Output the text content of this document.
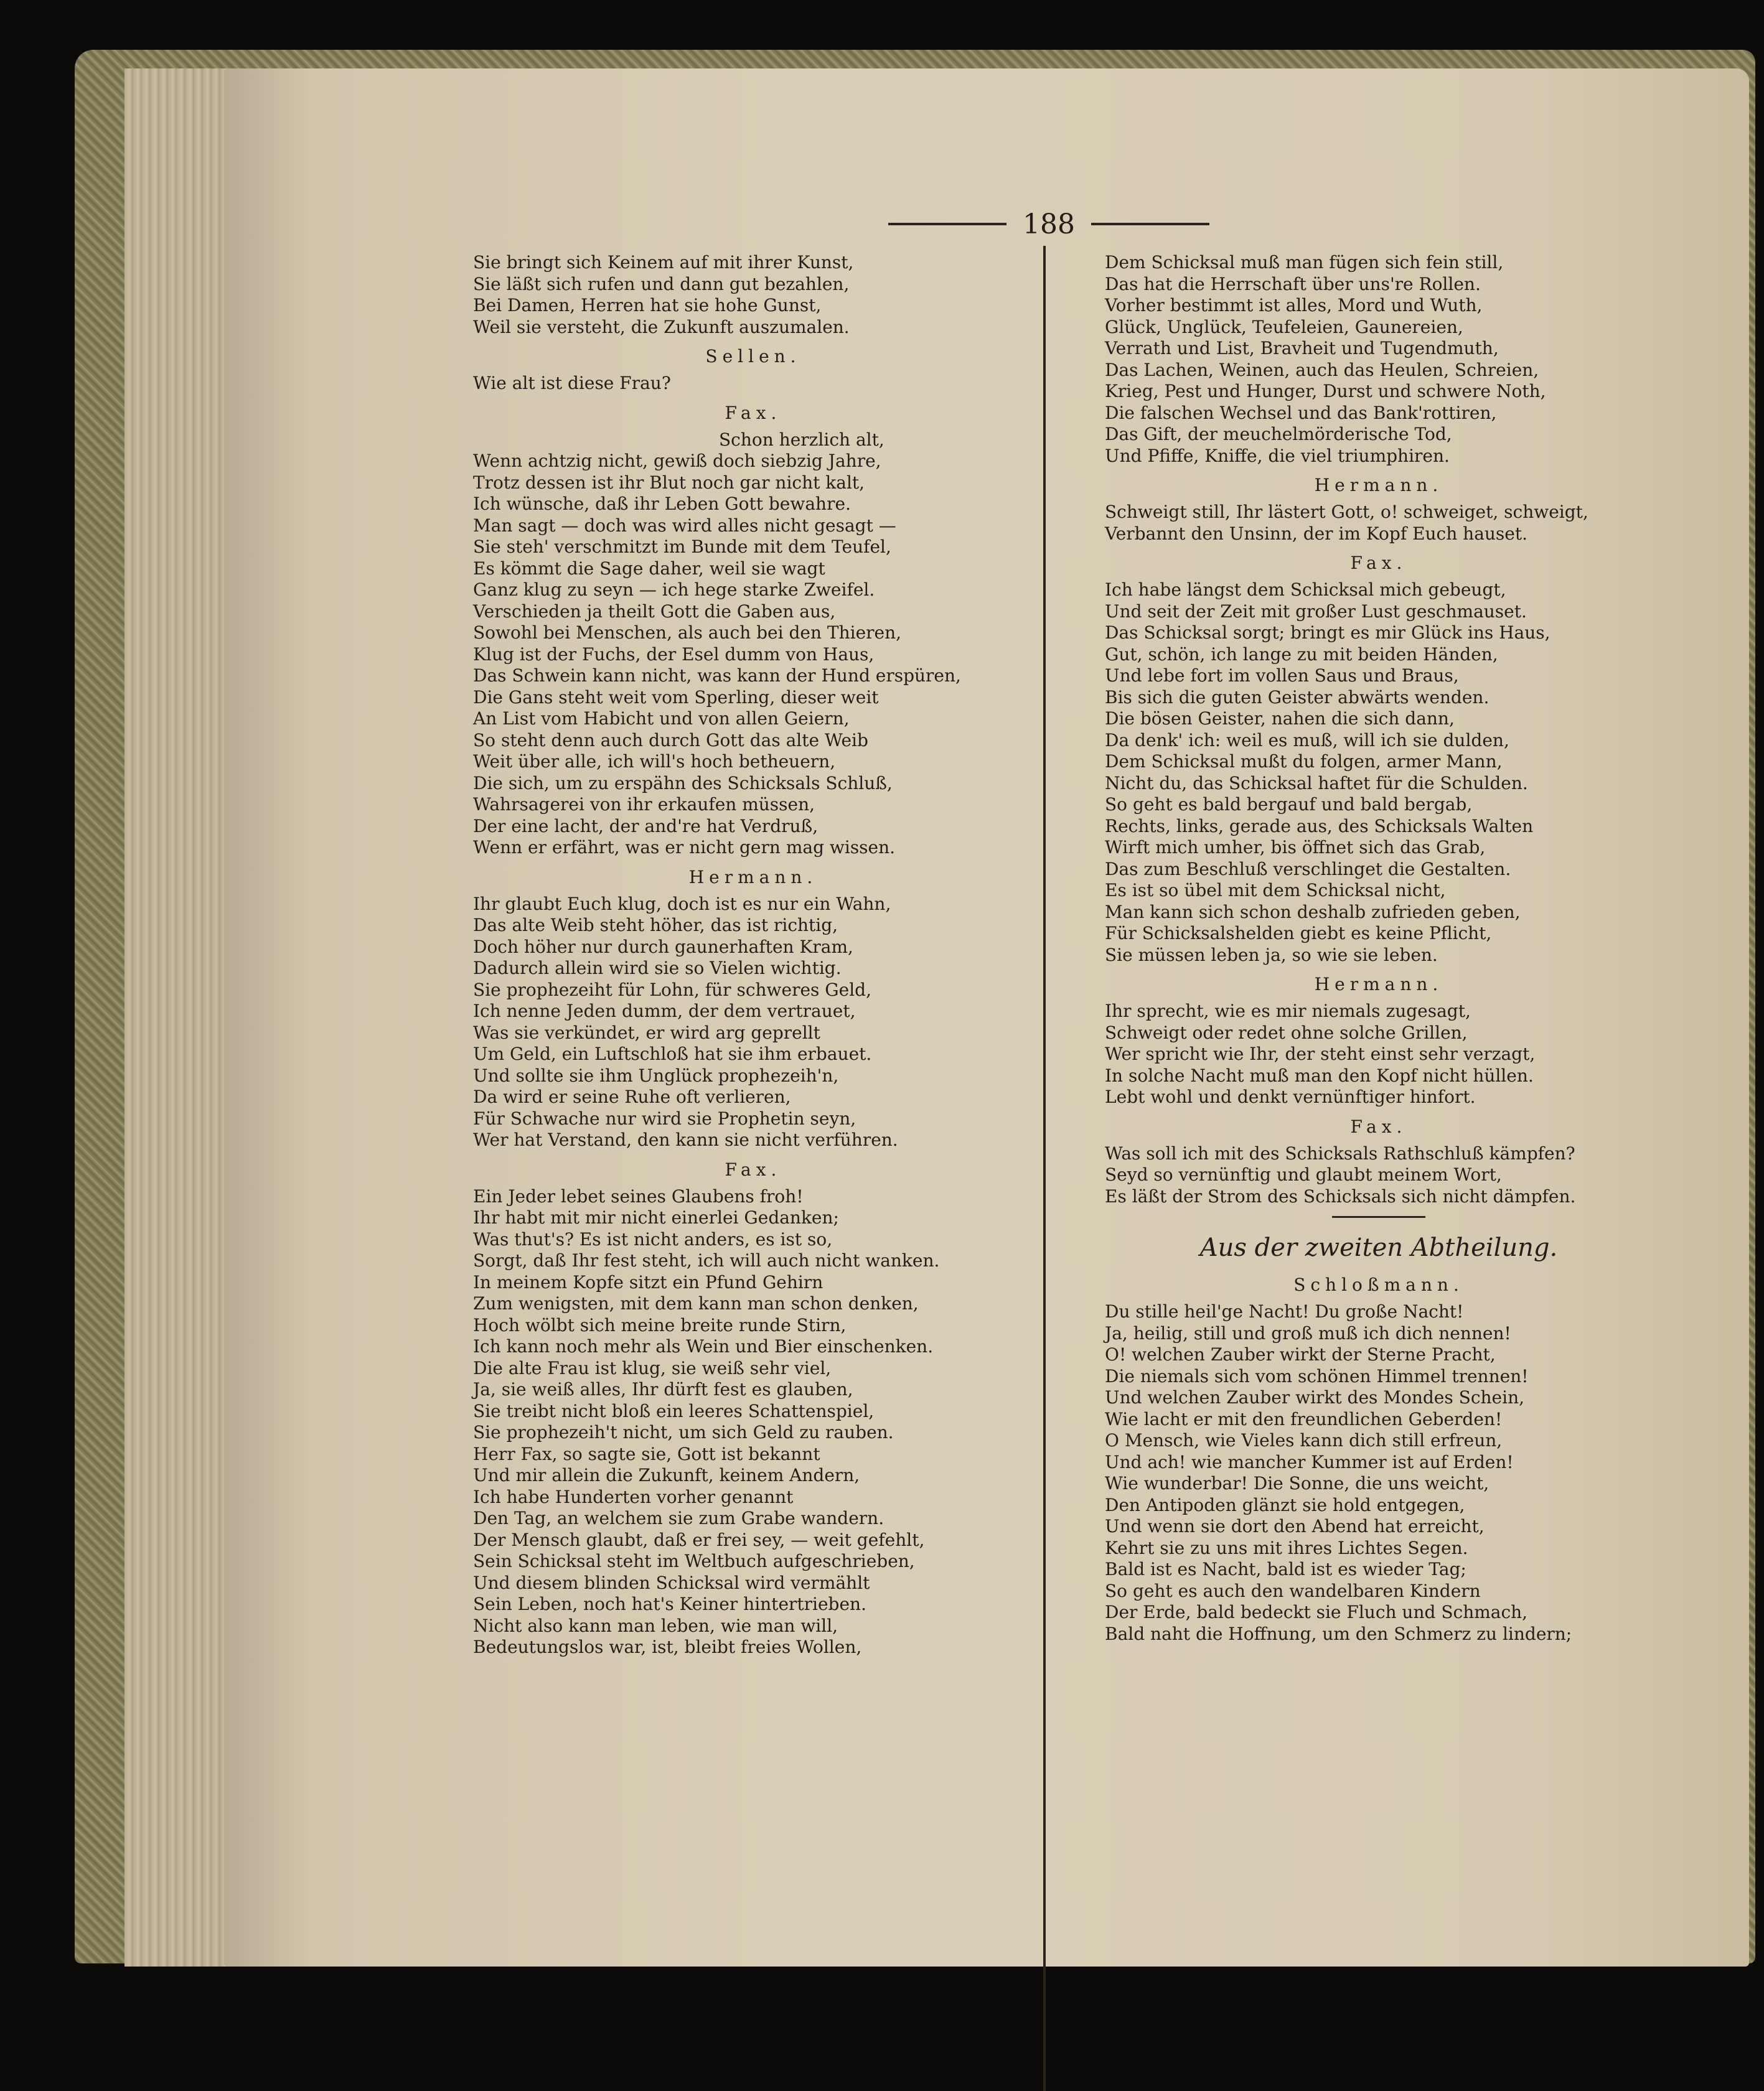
188
Sie bringt sich Keinem auf mit ihrer Kunst,
Sie läßt sich rufen und dann gut bezahlen,
Bei Damen, Herren hat sie hohe Gunst,
Weil sie versteht, die Zukunft auszumalen.
Sellen.
Wie alt ist diese Frau?
Fax.
Schon herzlich alt,
Wenn achtzig nicht, gewiß doch siebzig Jahre,
Trotz dessen ist ihr Blut noch gar nicht kalt,
Ich wünsche, daß ihr Leben Gott bewahre.
Man sagt — doch was wird alles nicht gesagt —
Sie steh' verschmitzt im Bunde mit dem Teufel,
Es kömmt die Sage daher, weil sie wagt
Ganz klug zu seyn — ich hege starke Zweifel.
Verschieden ja theilt Gott die Gaben aus,
Sowohl bei Menschen, als auch bei den Thieren,
Klug ist der Fuchs, der Esel dumm von Haus,
Das Schwein kann nicht, was kann der Hund erspüren,
Die Gans steht weit vom Sperling, dieser weit
An List vom Habicht und von allen Geiern,
So steht denn auch durch Gott das alte Weib
Weit über alle, ich will's hoch betheuern,
Die sich, um zu erspähn des Schicksals Schluß,
Wahrsagerei von ihr erkaufen müssen,
Der eine lacht, der and're hat Verdruß,
Wenn er erfährt, was er nicht gern mag wissen.
Hermann.
Ihr glaubt Euch klug, doch ist es nur ein Wahn,
Das alte Weib steht höher, das ist richtig,
Doch höher nur durch gaunerhaften Kram,
Dadurch allein wird sie so Vielen wichtig.
Sie prophezeiht für Lohn, für schweres Geld,
Ich nenne Jeden dumm, der dem vertrauet,
Was sie verkündet, er wird arg geprellt
Um Geld, ein Luftschloß hat sie ihm erbauet.
Und sollte sie ihm Unglück prophezeih'n,
Da wird er seine Ruhe oft verlieren,
Für Schwache nur wird sie Prophetin seyn,
Wer hat Verstand, den kann sie nicht verführen.
Fax.
Ein Jeder lebet seines Glaubens froh!
Ihr habt mit mir nicht einerlei Gedanken;
Was thut's? Es ist nicht anders, es ist so,
Sorgt, daß Ihr fest steht, ich will auch nicht wanken.
In meinem Kopfe sitzt ein Pfund Gehirn
Zum wenigsten, mit dem kann man schon denken,
Hoch wölbt sich meine breite runde Stirn,
Ich kann noch mehr als Wein und Bier einschenken.
Die alte Frau ist klug, sie weiß sehr viel,
Ja, sie weiß alles, Ihr dürft fest es glauben,
Sie treibt nicht bloß ein leeres Schattenspiel,
Sie prophezeih't nicht, um sich Geld zu rauben.
Herr Fax, so sagte sie, Gott ist bekannt
Und mir allein die Zukunft, keinem Andern,
Ich habe Hunderten vorher genannt
Den Tag, an welchem sie zum Grabe wandern.
Der Mensch glaubt, daß er frei sey, — weit gefehlt,
Sein Schicksal steht im Weltbuch aufgeschrieben,
Und diesem blinden Schicksal wird vermählt
Sein Leben, noch hat's Keiner hintertrieben.
Nicht also kann man leben, wie man will,
Bedeutungslos war, ist, bleibt freies Wollen,
Dem Schicksal muß man fügen sich fein still,
Das hat die Herrschaft über uns're Rollen.
Vorher bestimmt ist alles, Mord und Wuth,
Glück, Unglück, Teufeleien, Gaunereien,
Verrath und List, Bravheit und Tugendmuth,
Das Lachen, Weinen, auch das Heulen, Schreien,
Krieg, Pest und Hunger, Durst und schwere Noth,
Die falschen Wechsel und das Bank'rottiren,
Das Gift, der meuchelmörderische Tod,
Und Pfiffe, Kniffe, die viel triumphiren.
Hermann.
Schweigt still, Ihr lästert Gott, o! schweiget, schweigt,
Verbannt den Unsinn, der im Kopf Euch hauset.
Fax.
Ich habe längst dem Schicksal mich gebeugt,
Und seit der Zeit mit großer Lust geschmauset.
Das Schicksal sorgt; bringt es mir Glück ins Haus,
Gut, schön, ich lange zu mit beiden Händen,
Und lebe fort im vollen Saus und Braus,
Bis sich die guten Geister abwärts wenden.
Die bösen Geister, nahen die sich dann,
Da denk' ich: weil es muß, will ich sie dulden,
Dem Schicksal mußt du folgen, armer Mann,
Nicht du, das Schicksal haftet für die Schulden.
So geht es bald bergauf und bald bergab,
Rechts, links, gerade aus, des Schicksals Walten
Wirft mich umher, bis öffnet sich das Grab,
Das zum Beschluß verschlinget die Gestalten.
Es ist so übel mit dem Schicksal nicht,
Man kann sich schon deshalb zufrieden geben,
Für Schicksalshelden giebt es keine Pflicht,
Sie müssen leben ja, so wie sie leben.
Hermann.
Ihr sprecht, wie es mir niemals zugesagt,
Schweigt oder redet ohne solche Grillen,
Wer spricht wie Ihr, der steht einst sehr verzagt,
In solche Nacht muß man den Kopf nicht hüllen.
Lebt wohl und denkt vernünftiger hinfort.
Fax.
Was soll ich mit des Schicksals Rathschluß kämpfen?
Seyd so vernünftig und glaubt meinem Wort,
Es läßt der Strom des Schicksals sich nicht dämpfen.
Aus der zweiten Abtheilung.
Schloßmann.
Du stille heil'ge Nacht! Du große Nacht!
Ja, heilig, still und groß muß ich dich nennen!
O! welchen Zauber wirkt der Sterne Pracht,
Die niemals sich vom schönen Himmel trennen!
Und welchen Zauber wirkt des Mondes Schein,
Wie lacht er mit den freundlichen Geberden!
O Mensch, wie Vieles kann dich still erfreun,
Und ach! wie mancher Kummer ist auf Erden!
Wie wunderbar! Die Sonne, die uns weicht,
Den Antipoden glänzt sie hold entgegen,
Und wenn sie dort den Abend hat erreicht,
Kehrt sie zu uns mit ihres Lichtes Segen.
Bald ist es Nacht, bald ist es wieder Tag;
So geht es auch den wandelbaren Kindern
Der Erde, bald bedeckt sie Fluch und Schmach,
Bald naht die Hoffnung, um den Schmerz zu lindern;
